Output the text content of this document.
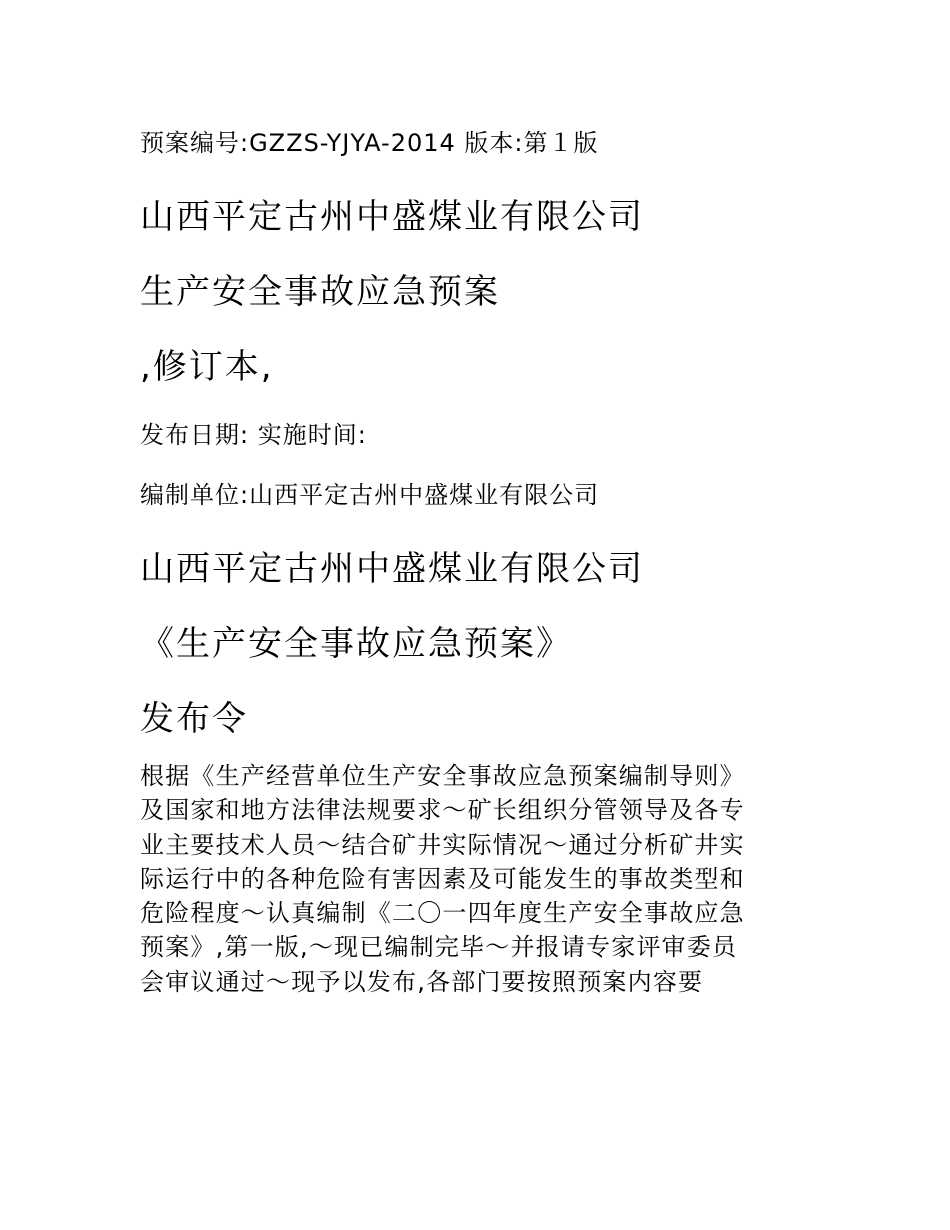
预案编号:GZZS-YJYA-2014 版本:第１版
山西平定古州中盛煤业有限公司
生产安全事故应急预案
,修订本,
发布日期: 实施时间:
编制单位:山西平定古州中盛煤业有限公司
山西平定古州中盛煤业有限公司
《生产安全事故应急预案》
发布令
根据《生产经营单位生产安全事故应急预案编制导则》
及国家和地方法律法规要求～矿长组织分管领导及各专
业主要技术人员～结合矿井实际情况～通过分析矿井实
际运行中的各种危险有害因素及可能发生的事故类型和
危险程度～认真编制《二〇一四年度生产安全事故应急
预案》,第一版,～现已编制完毕～并报请专家评审委员
会审议通过～现予以发布,各部门要按照预案内容要
